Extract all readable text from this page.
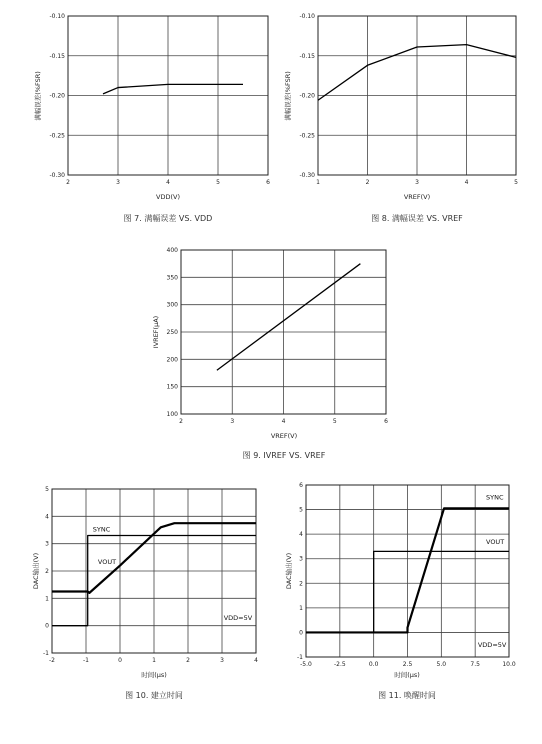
图 7. 满幅误差 VS. VDD
VDD(V)
满幅误差(%FSR)
2	3	4	5	6
-0.30
-0.25
-0.20
-0.15
-0.10
图 8. 满幅误差 VS. VREF
VREF(V)
满幅误差(%FSR)
1	2	3	4	5
-0.30
-0.25
-0.20
-0.15
-0.10
图 9. IVREF VS. VREF
VREF(V)
IVREF(μA)
2	3	4	5	6
100
150
200
250
300
350
400
图 10. 建立时间
时间(μs)
DAC输出(V)
-2	-1	0	1	2	3	4
-1
0
1
2
3
4
5
SYNC
VOUT
VDD=5V
图 11. 唤醒时间
时间(μs)
DAC输出(V)
-5.0	-2.5	0.0	2.5	5.0	7.5	10.0
-1
0
1
2
3
4
5
6
SYNC
VOUT
VDD=5V
